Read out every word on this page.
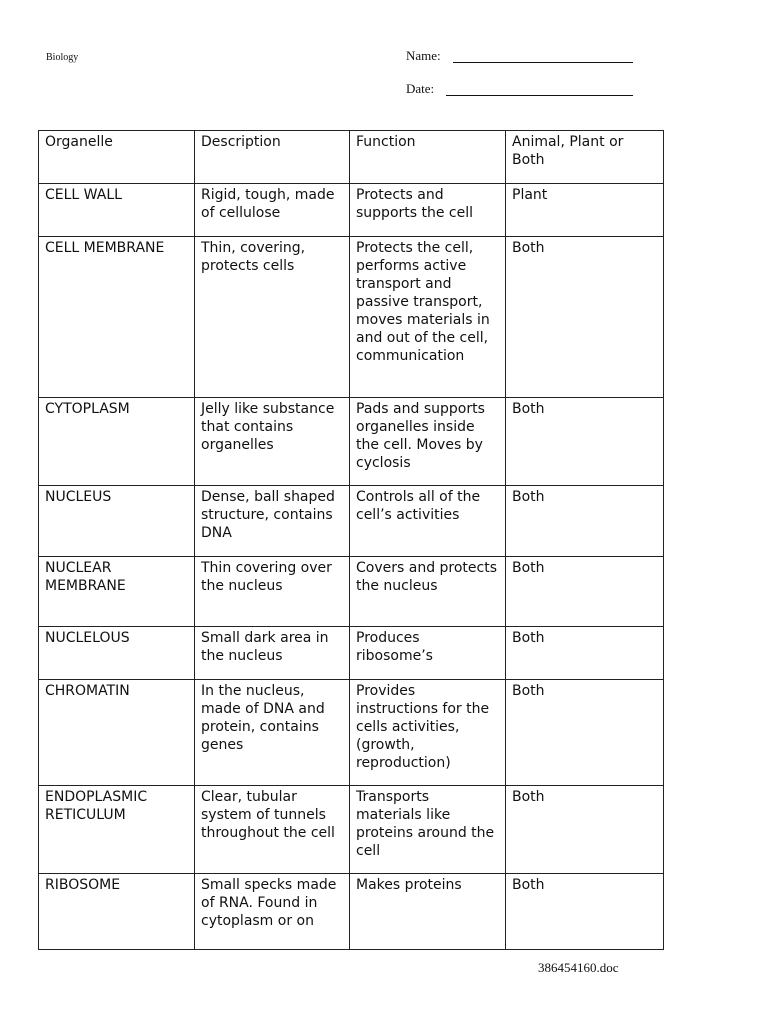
Biology	Name:
Date:
Organelle	Description	Function	Animal, Plant or Both
CELL WALL	Rigid, tough, made of cellulose	Protects and supports the cell	Plant
CELL MEMBRANE	Thin, covering, protects cells	Protects the cell, performs active transport and passive transport, moves materials in and out of the cell, communication	Both
CYTOPLASM	Jelly like substance that contains organelles	Pads and supports organelles inside the cell. Moves by cyclosis	Both
NUCLEUS	Dense, ball shaped structure, contains DNA	Controls all of the cell’s activities	Both
NUCLEAR MEMBRANE	Thin covering over the nucleus	Covers and protects the nucleus	Both
NUCLELOUS	Small dark area in the nucleus	Produces ribosome’s	Both
CHROMATIN	In the nucleus, made of DNA and protein, contains genes	Provides instructions for the cells activities, (growth, reproduction)	Both
ENDOPLASMIC RETICULUM	Clear, tubular system of tunnels throughout the cell	Transports materials like proteins around the cell	Both
RIBOSOME	Small specks made of RNA. Found in cytoplasm or on	Makes proteins	Both
386454160.doc
